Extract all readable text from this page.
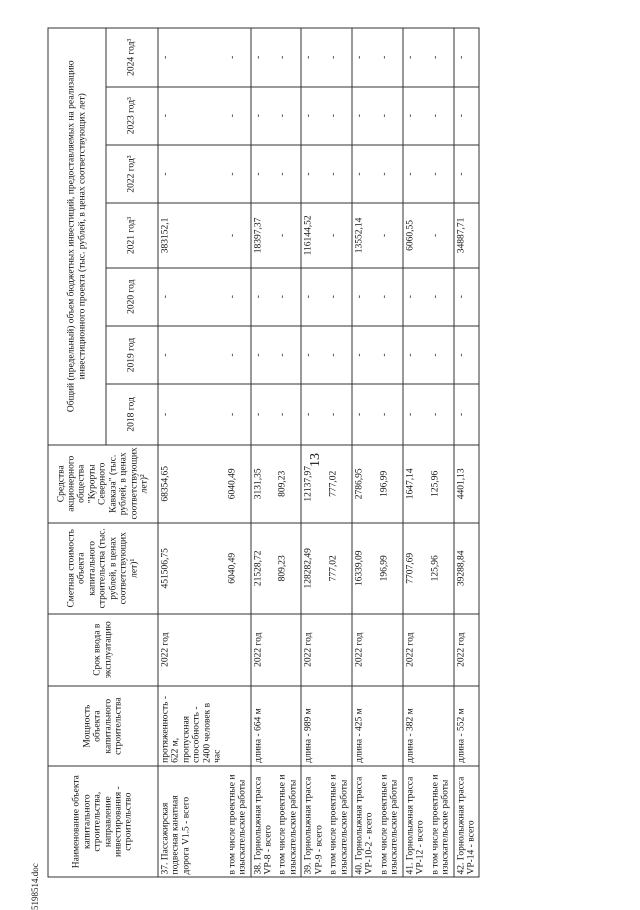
13
5198514.doc
Наименование объекта капитального строительства, направление инвестирования - строительство	Мощность объекта капитального строительства	Срок ввода в эксплуатацию	Сметная стоимость объекта капитального строительства (тыс. рублей, в ценах соответствующих лет)¹	Средства акционерного общества "Курорты Северного Кавказа" (тыс. рублей, в ценах соответствующих лет)²	Общий (предельный) объем бюджетных инвестиций, предоставляемых на реализацию инвестиционного проекта (тыс. рублей, в ценах соответствующих лет)						
					2018 год	2019 год	2020 год	2021 год³	2022 год³	2023 год³	2024 год³
37. Пассажирская подвесная канатная дорога V1.5 - всего	протяженность - 622 м, пропускная способность - 2400 человек в час	2022 год	451506,75	68354,65	-	-	-	383152,1	-	-	-
в том числе проектные и изыскательские работы			6040,49	6040,49	-	-	-	-	-	-	-
38. Горнолыжная трасса VP-8 - всего	длина - 664 м	2022 год	21528,72	3131,35	-	-	-	18397,37	-	-	-
в том числе проектные и изыскательские работы			809,23	809,23	-	-	-	-	-	-	-
39. Горнолыжная трасса VP-9 - всего	длина - 989 м	2022 год	128282,49	12137,97	-	-	-	116144,52	-	-	-
в том числе проектные и изыскательские работы			777,02	777,02	-	-	-	-	-	-	-
40. Горнолыжная трасса VP-10-2 - всего	длина - 425 м	2022 год	16339,09	2786,95	-	-	-	13552,14	-	-	-
в том числе проектные и изыскательские работы			196,99	196,99	-	-	-	-	-	-	-
41. Горнолыжная трасса VP-12 - всего	длина - 382 м	2022 год	7707,69	1647,14	-	-	-	6060,55	-	-	-
в том числе проектные и изыскательские работы			125,96	125,96	-	-	-	-	-	-	-
42. Горнолыжная трасса VP-14 - всего	длина - 552 м	2022 год	39288,84	4401,13	-	-	-	34887,71	-	-	-
